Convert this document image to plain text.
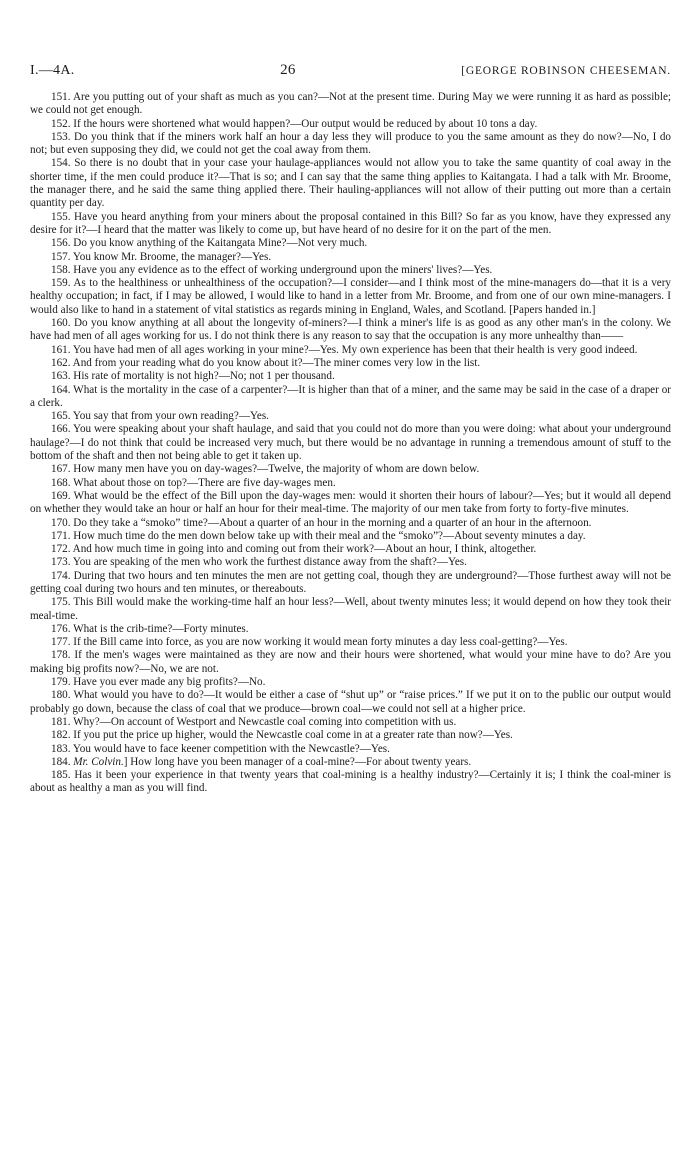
I.—4A.	26	[GEORGE ROBINSON CHEESEMAN.

151. Are you putting out of your shaft as much as you can?—Not at the present time. During May we were running it as hard as possible; we could not get enough.

152. If the hours were shortened what would happen?—Our output would be reduced by about 10 tons a day.

153. Do you think that if the miners work half an hour a day less they will produce to you the same amount as they do now?—No, I do not; but even supposing they did, we could not get the coal away from them.

154. So there is no doubt that in your case your haulage-appliances would not allow you to take the same quantity of coal away in the shorter time, if the men could produce it?—That is so; and I can say that the same thing applies to Kaitangata. I had a talk with Mr. Broome, the manager there, and he said the same thing applied there. Their hauling-appliances will not allow of their putting out more than a certain quantity per day.

155. Have you heard anything from your miners about the proposal contained in this Bill? So far as you know, have they expressed any desire for it?—I heard that the matter was likely to come up, but have heard of no desire for it on the part of the men.

156. Do you know anything of the Kaitangata Mine?—Not very much.

157. You know Mr. Broome, the manager?—Yes.

158. Have you any evidence as to the effect of working underground upon the miners' lives?—Yes.

159. As to the healthiness or unhealthiness of the occupation?—I consider—and I think most of the mine-managers do—that it is a very healthy occupation; in fact, if I may be allowed, I would like to hand in a letter from Mr. Broome, and from one of our own mine-managers. I would also like to hand in a statement of vital statistics as regards mining in England, Wales, and Scotland. [Papers handed in.]

160. Do you know anything at all about the longevity of-miners?—I think a miner's life is as good as any other man's in the colony. We have had men of all ages working for us. I do not think there is any reason to say that the occupation is any more unhealthy than——

161. You have had men of all ages working in your mine?—Yes. My own experience has been that their health is very good indeed.

162. And from your reading what do you know about it?—The miner comes very low in the list.

163. His rate of mortality is not high?—No; not 1 per thousand.

164. What is the mortality in the case of a carpenter?—It is higher than that of a miner, and the same may be said in the case of a draper or a clerk.

165. You say that from your own reading?—Yes.

166. You were speaking about your shaft haulage, and said that you could not do more than you were doing: what about your underground haulage?—I do not think that could be increased very much, but there would be no advantage in running a tremendous amount of stuff to the bottom of the shaft and then not being able to get it taken up.

167. How many men have you on day-wages?—Twelve, the majority of whom are down below.

168. What about those on top?—There are five day-wages men.

169. What would be the effect of the Bill upon the day-wages men: would it shorten their hours of labour?—Yes; but it would all depend on whether they would take an hour or half an hour for their meal-time. The majority of our men take from forty to forty-five minutes.

170. Do they take a “smoko” time?—About a quarter of an hour in the morning and a quarter of an hour in the afternoon.

171. How much time do the men down below take up with their meal and the “smoko”?—About seventy minutes a day.

172. And how much time in going into and coming out from their work?—About an hour, I think, altogether.

173. You are speaking of the men who work the furthest distance away from the shaft?—Yes.

174. During that two hours and ten minutes the men are not getting coal, though they are underground?—Those furthest away will not be getting coal during two hours and ten minutes, or thereabouts.

175. This Bill would make the working-time half an hour less?—Well, about twenty minutes less; it would depend on how they took their meal-time.

176. What is the crib-time?—Forty minutes.

177. If the Bill came into force, as you are now working it would mean forty minutes a day less coal-getting?—Yes.

178. If the men's wages were maintained as they are now and their hours were shortened, what would your mine have to do? Are you making big profits now?—No, we are not.

179. Have you ever made any big profits?—No.

180. What would you have to do?—It would be either a case of “shut up” or “raise prices.” If we put it on to the public our output would probably go down, because the class of coal that we produce—brown coal—we could not sell at a higher price.

181. Why?—On account of Westport and Newcastle coal coming into competition with us.

182. If you put the price up higher, would the Newcastle coal come in at a greater rate than now?—Yes.

183. You would have to face keener competition with the Newcastle?—Yes.

184. Mr. Colvin.] How long have you been manager of a coal-mine?—For about twenty years.

185. Has it been your experience in that twenty years that coal-mining is a healthy industry?—Certainly it is; I think the coal-miner is about as healthy a man as you will find.
